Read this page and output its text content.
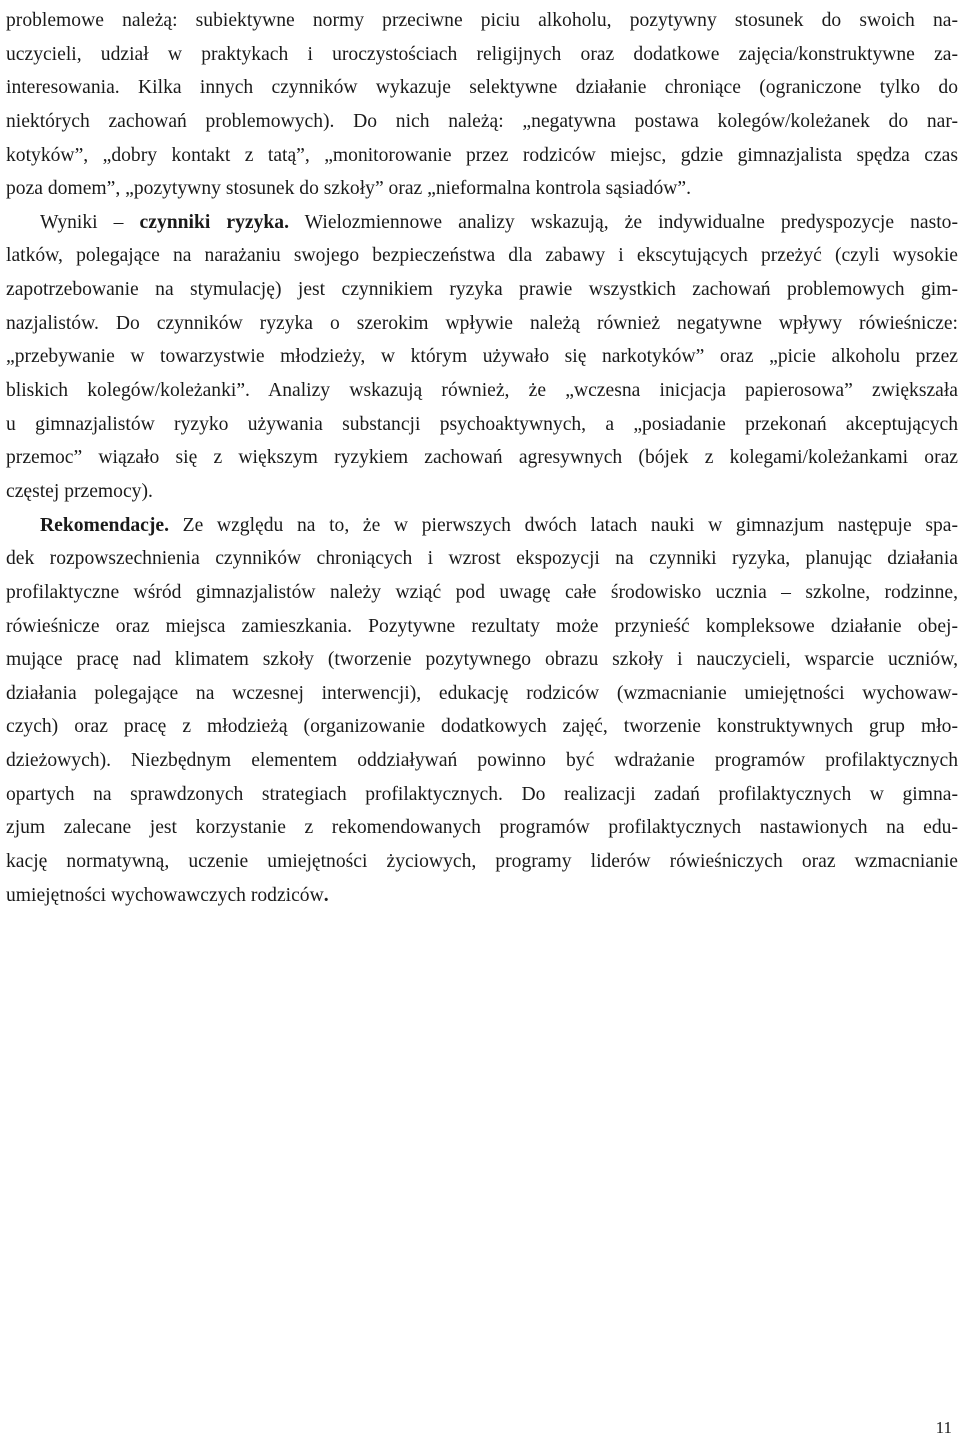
problemowe należą: subiektywne normy przeciwne piciu alkoholu, pozytywny stosunek do swoich na-
uczycieli, udział w praktykach i uroczystościach religijnych oraz dodatkowe zajęcia/konstruktywne za-
interesowania. Kilka innych czynników wykazuje selektywne działanie chroniące (ograniczone tylko do
niektórych zachowań problemowych). Do nich należą: „negatywna postawa kolegów/koleżanek do nar-
kotyków”, „dobry kontakt z tatą”, „monitorowanie przez rodziców miejsc, gdzie gimnazjalista spędza czas
poza domem”, „pozytywny stosunek do szkoły” oraz „nieformalna kontrola sąsiadów”.
Wyniki – czynniki ryzyka. Wielozmiennowe analizy wskazują, że indywidualne predyspozycje nasto-
latków, polegające na narażaniu swojego bezpieczeństwa dla zabawy i ekscytujących przeżyć (czyli wysokie
zapotrzebowanie na stymulację) jest czynnikiem ryzyka prawie wszystkich zachowań problemowych gim-
nazjalistów. Do czynników ryzyka o szerokim wpływie należą również negatywne wpływy rówieśnicze:
„przebywanie w towarzystwie młodzieży, w którym używało się narkotyków” oraz „picie alkoholu przez
bliskich kolegów/koleżanki”. Analizy wskazują również, że „wczesna inicjacja papierosowa” zwiększała
u gimnazjalistów ryzyko używania substancji psychoaktywnych, a „posiadanie przekonań akceptujących
przemoc” wiązało się z większym ryzykiem zachowań agresywnych (bójek z kolegami/koleżankami oraz
częstej przemocy).
Rekomendacje. Ze względu na to, że w pierwszych dwóch latach nauki w gimnazjum następuje spa-
dek rozpowszechnienia czynników chroniących i wzrost ekspozycji na czynniki ryzyka, planując działania
profilaktyczne wśród gimnazjalistów należy wziąć pod uwagę całe środowisko ucznia – szkolne, rodzinne,
rówieśnicze oraz miejsca zamieszkania. Pozytywne rezultaty może przynieść kompleksowe działanie obej-
mujące pracę nad klimatem szkoły (tworzenie pozytywnego obrazu szkoły i nauczycieli, wsparcie uczniów,
działania polegające na wczesnej interwencji), edukację rodziców (wzmacnianie umiejętności wychowaw-
czych) oraz pracę z młodzieżą (organizowanie dodatkowych zajęć, tworzenie konstruktywnych grup mło-
dzieżowych). Niezbędnym elementem oddziaływań powinno być wdrażanie programów profilaktycznych
opartych na sprawdzonych strategiach profilaktycznych. Do realizacji zadań profilaktycznych w gimna-
zjum zalecane jest korzystanie z rekomendowanych programów profilaktycznych nastawionych na edu-
kację normatywną, uczenie umiejętności życiowych, programy liderów rówieśniczych oraz wzmacnianie
umiejętności wychowawczych rodziców.
11
